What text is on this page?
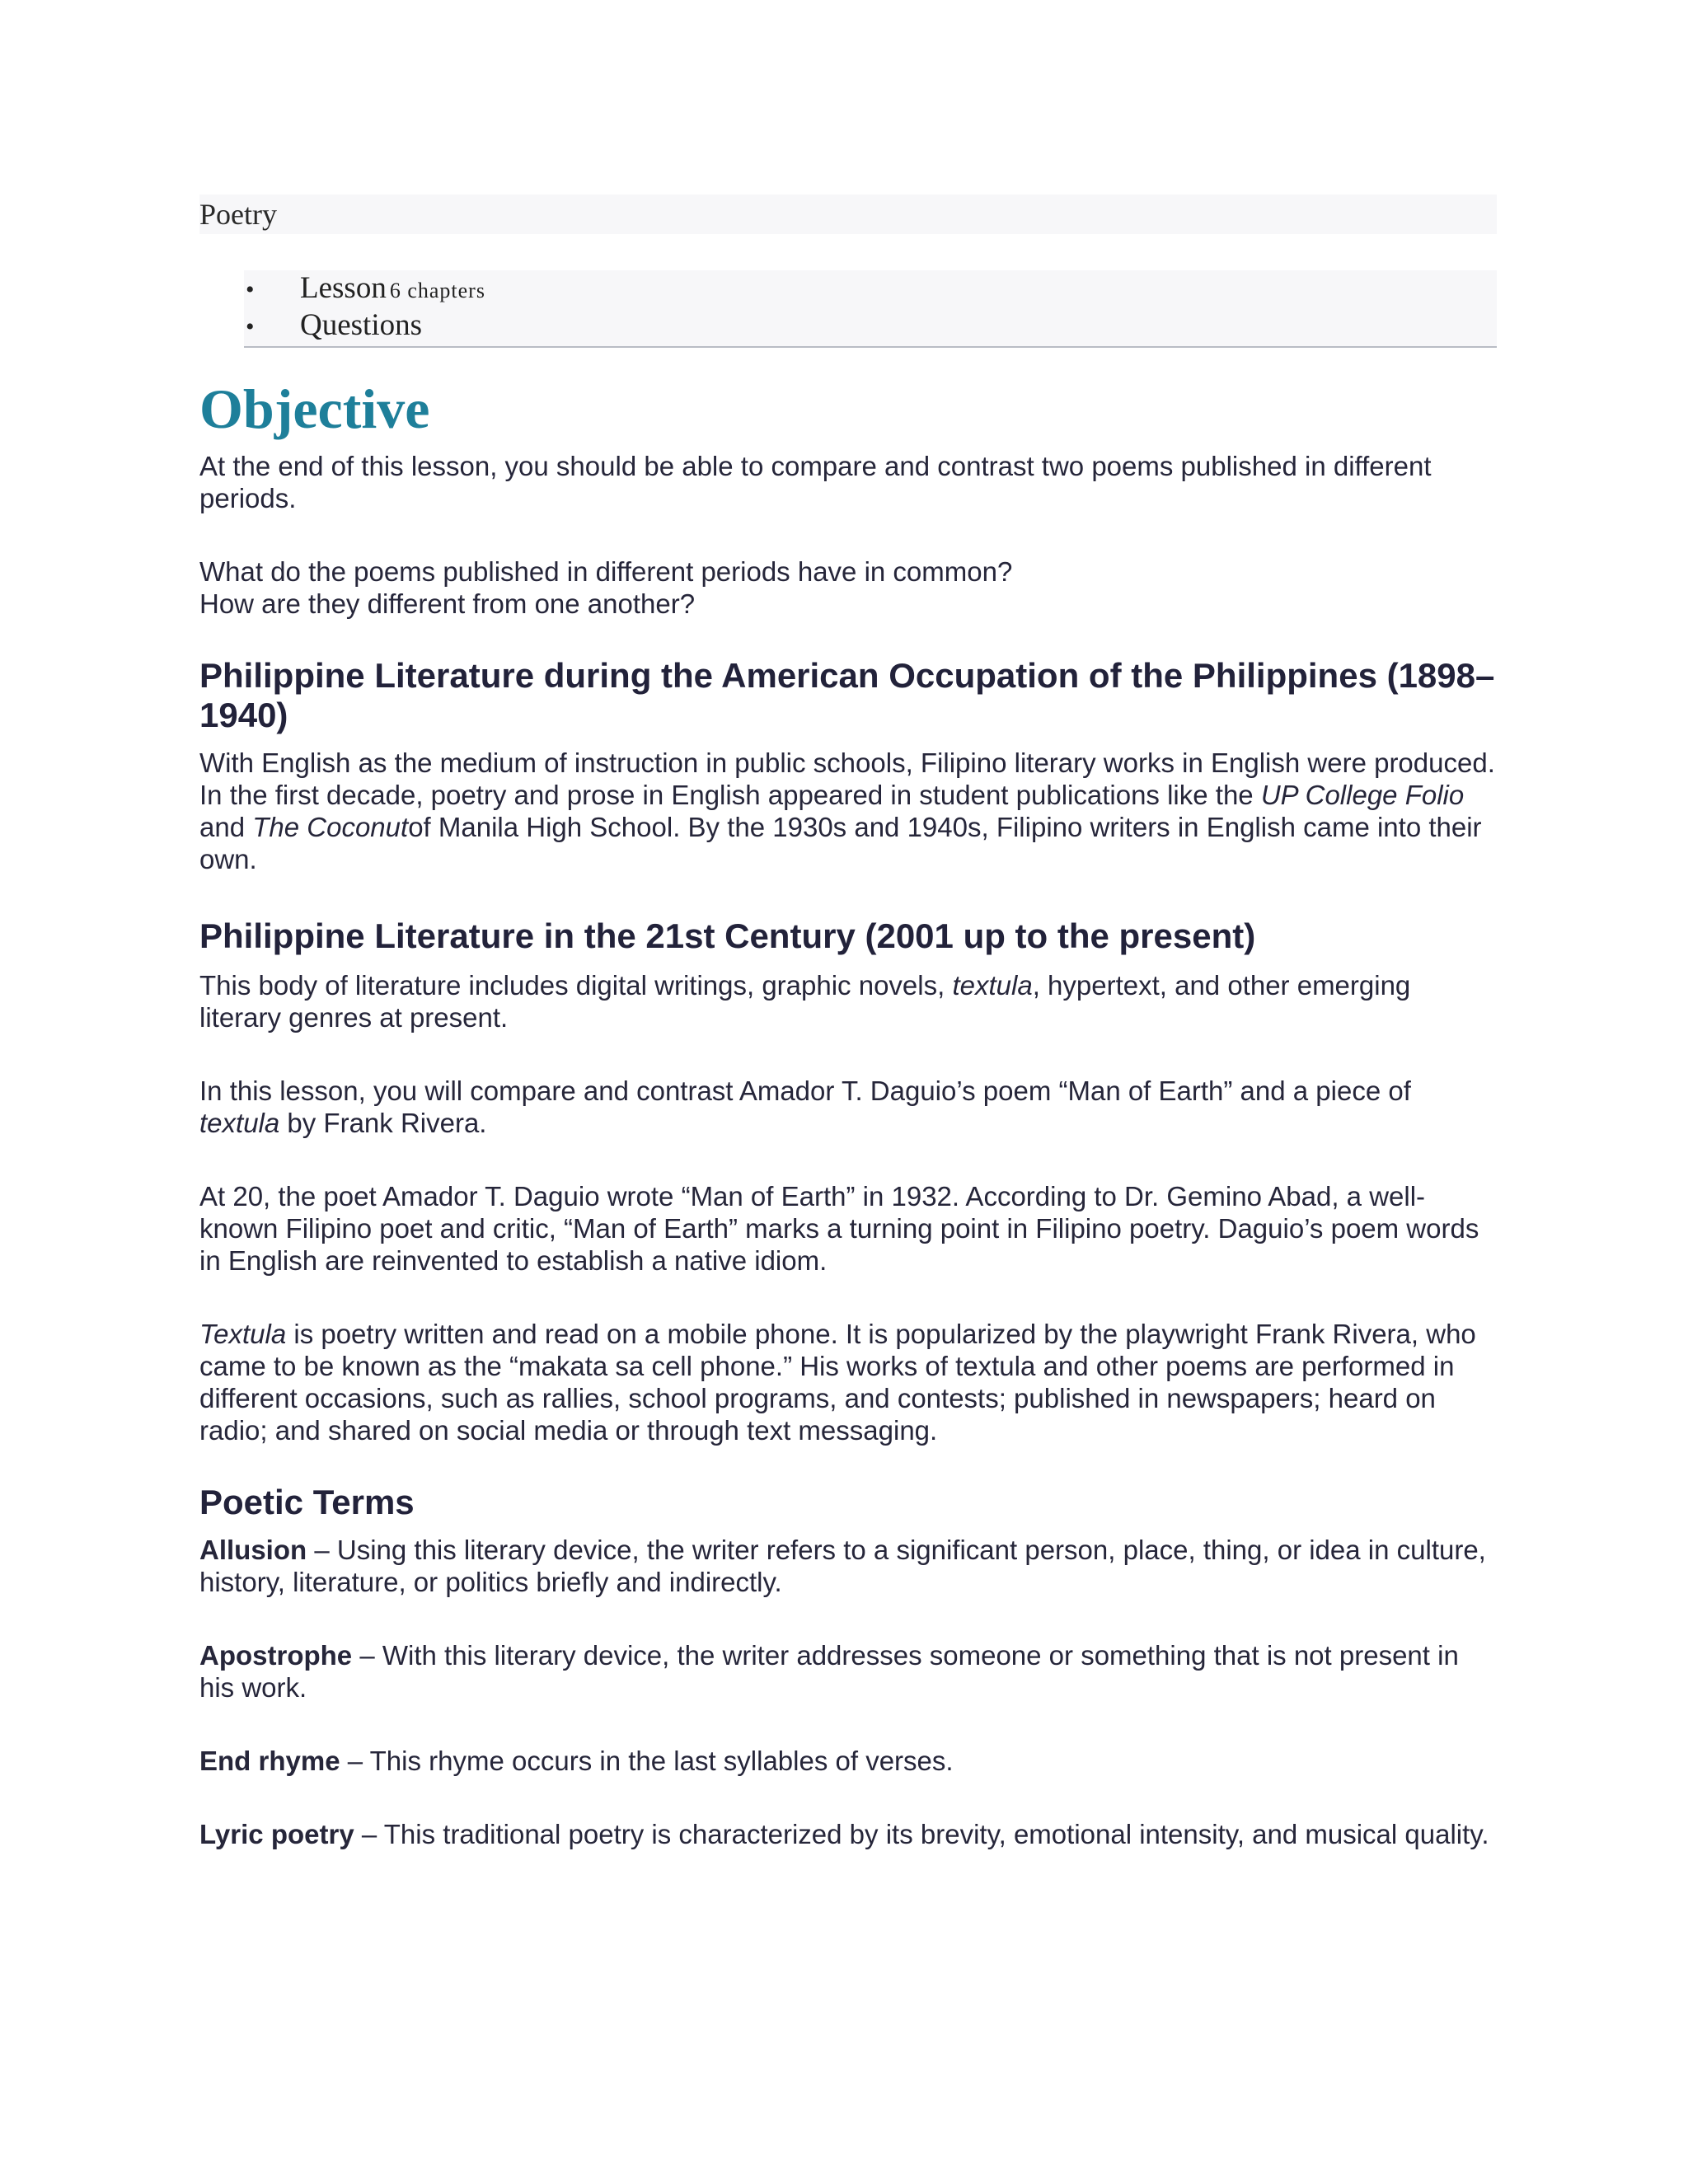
Poetry
•	Lesson 6 chapters
•	Questions
Objective

At the end of this lesson, you should be able to compare and contrast two poems published in different periods.

What do the poems published in different periods have in common?

How are they different from one another?

Philippine Literature during the American Occupation of the Philippines (1898–1940)

With English as the medium of instruction in public schools, Filipino literary works in English were produced. In the first decade, poetry and prose in English appeared in student publications like the UP College Folio and The Coconutof Manila High School. By the 1930s and 1940s, Filipino writers in English came into their own.

Philippine Literature in the 21st Century (2001 up to the present)

This body of literature includes digital writings, graphic novels, textula, hypertext, and other emerging literary genres at present.

In this lesson, you will compare and contrast Amador T. Daguio’s poem “Man of Earth” and a piece of textula by Frank Rivera.

At 20, the poet Amador T. Daguio wrote “Man of Earth” in 1932. According to Dr. Gemino Abad, a well-known Filipino poet and critic, “Man of Earth” marks a turning point in Filipino poetry. Daguio’s poem words in English are reinvented to establish a native idiom.

Textula is poetry written and read on a mobile phone. It is popularized by the playwright Frank Rivera, who came to be known as the “makata sa cell phone.” His works of textula and other poems are performed in different occasions, such as rallies, school programs, and contests; published in newspapers; heard on radio; and shared on social media or through text messaging.

Poetic Terms

Allusion – Using this literary device, the writer refers to a significant person, place, thing, or idea in culture, history, literature, or politics briefly and indirectly.

Apostrophe – With this literary device, the writer addresses someone or something that is not present in his work.

End rhyme – This rhyme occurs in the last syllables of verses.

Lyric poetry – This traditional poetry is characterized by its brevity, emotional intensity, and musical quality.
